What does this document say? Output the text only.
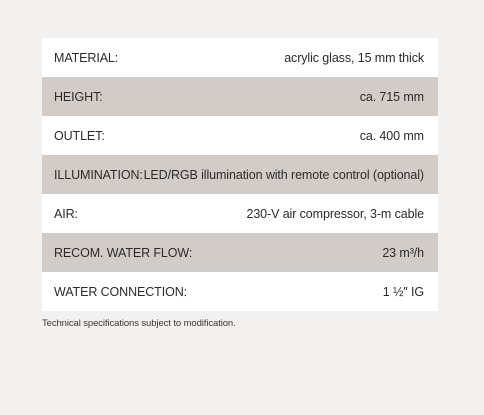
MATERIAL:	acrylic glass, 15 mm thick
HEIGHT:	ca. 715 mm
OUTLET:	ca. 400 mm
ILLUMINATION: LED/RGB illumination with remote control (optional)
AIR:	230-V air compressor, 3-m cable
RECOM. WATER FLOW:	23 m³/h
WATER CONNECTION:	1 ½″ IG
Technical specifications subject to modification.
